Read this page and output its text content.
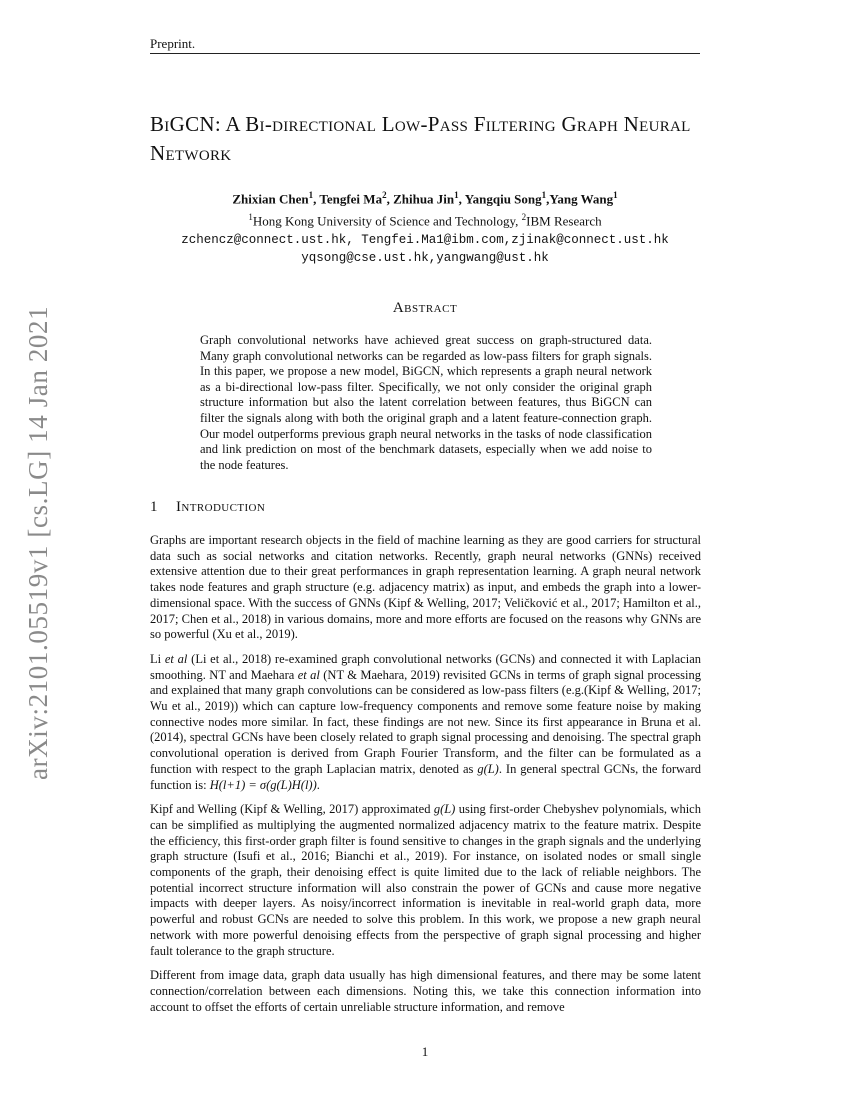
Preprint.
arXiv:2101.05519v1 [cs.LG] 14 Jan 2021
BiGCN: A Bi-directional Low-Pass Filtering Graph Neural Network
Zhixian Chen$^1$, Tengfei Ma$^2$, Zhihua Jin$^1$, Yangqiu Song$^1$,Yang Wang$^1$
$^1$Hong Kong University of Science and Technology, $^2$IBM Research
zchencz@connect.ust.hk, Tengfei.Ma1@ibm.com,zjinak@connect.ust.hk
yqsong@cse.ust.hk,yangwang@ust.hk
Abstract
Graph convolutional networks have achieved great success on graph-structured data. Many graph convolutional networks can be regarded as low-pass filters for graph signals. In this paper, we propose a new model, BiGCN, which represents a graph neural network as a bi-directional low-pass filter. Specifically, we not only consider the original graph structure information but also the latent correlation between features, thus BiGCN can filter the signals along with both the original graph and a latent feature-connection graph. Our model outperforms previous graph neural networks in the tasks of node classification and link prediction on most of the benchmark datasets, especially when we add noise to the node features.
1 Introduction

Graphs are important research objects in the field of machine learning as they are good carriers for structural data such as social networks and citation networks. Recently, graph neural networks (GNNs) received extensive attention due to their great performances in graph representation learning. A graph neural network takes node features and graph structure (e.g. adjacency matrix) as input, and embeds the graph into a lower-dimensional space. With the success of GNNs (Kipf & Welling, 2017; Veličković et al., 2017; Hamilton et al., 2017; Chen et al., 2018) in various domains, more and more efforts are focused on the reasons why GNNs are so powerful (Xu et al., 2019).

Li et al (Li et al., 2018) re-examined graph convolutional networks (GCNs) and connected it with Laplacian smoothing. NT and Maehara et al (NT & Maehara, 2019) revisited GCNs in terms of graph signal processing and explained that many graph convolutions can be considered as low-pass filters (e.g.(Kipf & Welling, 2017; Wu et al., 2019)) which can capture low-frequency components and remove some feature noise by making connective nodes more similar. In fact, these findings are not new. Since its first appearance in Bruna et al. (2014), spectral GCNs have been closely related to graph signal processing and denoising. The spectral graph convolutional operation is derived from Graph Fourier Transform, and the filter can be formulated as a function with respect to the graph Laplacian matrix, denoted as g(L). In general spectral GCNs, the forward function is: H(l+1) = σ(g(L)H(l)).

Kipf and Welling (Kipf & Welling, 2017) approximated g(L) using first-order Chebyshev polynomials, which can be simplified as multiplying the augmented normalized adjacency matrix to the feature matrix. Despite the efficiency, this first-order graph filter is found sensitive to changes in the graph signals and the underlying graph structure (Isufi et al., 2016; Bianchi et al., 2019). For instance, on isolated nodes or small single components of the graph, their denoising effect is quite limited due to the lack of reliable neighbors. The potential incorrect structure information will also constrain the power of GCNs and cause more negative impacts with deeper layers. As noisy/incorrect information is inevitable in real-world graph data, more powerful and robust GCNs are needed to solve this problem. In this work, we propose a new graph neural network with more powerful denoising effects from the perspective of graph signal processing and higher fault tolerance to the graph structure.

Different from image data, graph data usually has high dimensional features, and there may be some latent connection/correlation between each dimensions. Noting this, we take this connection information into account to offset the efforts of certain unreliable structure information, and remove

1
